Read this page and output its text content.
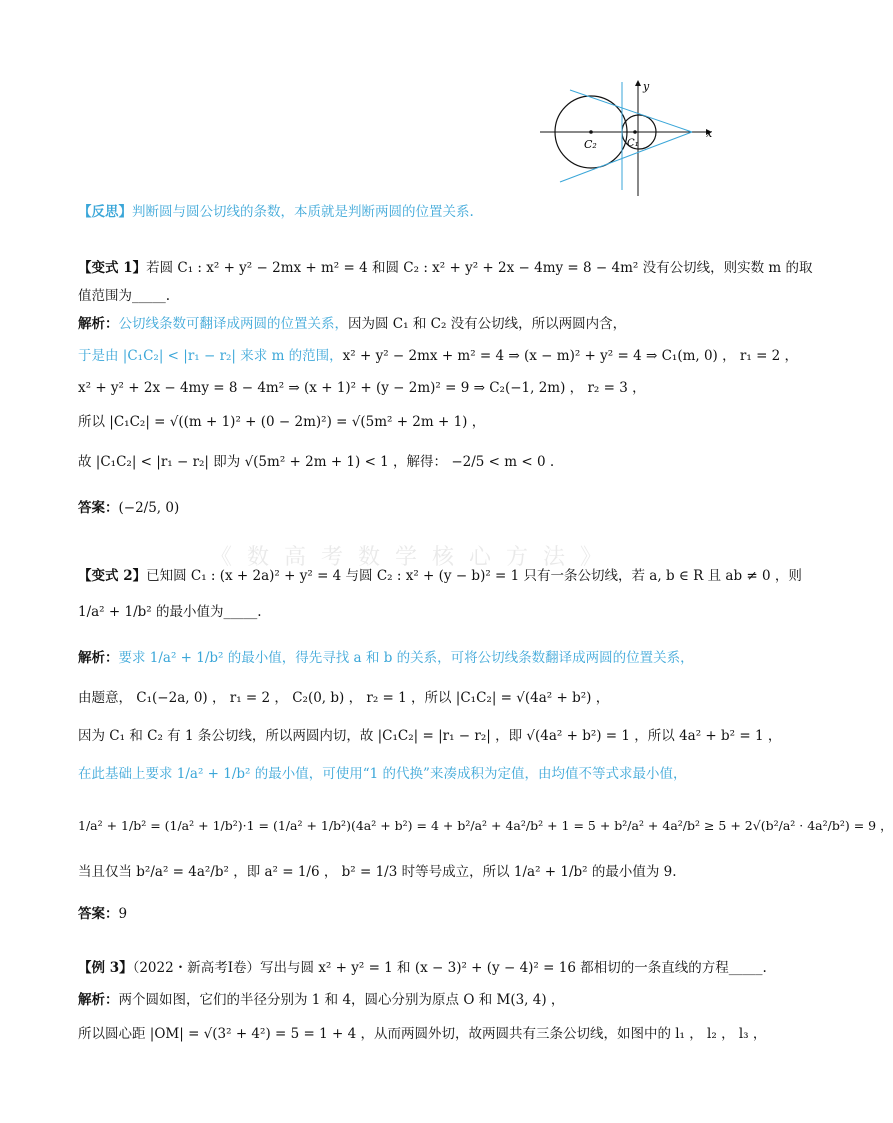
y
x
C₂	C₁
【反思】判断圆与圆公切线的条数，本质就是判断两圆的位置关系.
【变式 1】若圆 C₁ : x² + y² − 2mx + m² = 4 和圆 C₂ : x² + y² + 2x − 4my = 8 − 4m² 没有公切线，则实数 m 的取
值范围为_____.
解析：公切线条数可翻译成两圆的位置关系，因为圆 C₁ 和 C₂ 没有公切线，所以两圆内含，
于是由 |C₁C₂| < |r₁ − r₂| 来求 m 的范围，x² + y² − 2mx + m² = 4 ⇒ (x − m)² + y² = 4 ⇒ C₁(m, 0) ， r₁ = 2 ，
x² + y² + 2x − 4my = 8 − 4m² ⇒ (x + 1)² + (y − 2m)² = 9 ⇒ C₂(−1, 2m) ， r₂ = 3 ，
所以 |C₁C₂| = √((m + 1)² + (0 − 2m)²) = √(5m² + 2m + 1) ，
故 |C₁C₂| < |r₁ − r₂| 即为 √(5m² + 2m + 1) < 1 ，解得： −2/5 < m < 0 .
答案：(−2/5, 0)
《 数 高 考 数 学 核 心 方 法 》
【变式 2】已知圆 C₁ : (x + 2a)² + y² = 4 与圆 C₂ : x² + (y − b)² = 1 只有一条公切线，若 a, b ∈ R 且 ab ≠ 0 ，则
1/a² + 1/b² 的最小值为_____.
解析：要求 1/a² + 1/b² 的最小值，得先寻找 a 和 b 的关系，可将公切线条数翻译成两圆的位置关系，
由题意， C₁(−2a, 0) ， r₁ = 2 ， C₂(0, b) ， r₂ = 1 ，所以 |C₁C₂| = √(4a² + b²) ，
因为 C₁ 和 C₂ 有 1 条公切线，所以两圆内切，故 |C₁C₂| = |r₁ − r₂| ，即 √(4a² + b²) = 1 ，所以 4a² + b² = 1 ，
在此基础上要求 1/a² + 1/b² 的最小值，可使用“1 的代换”来凑成积为定值，由均值不等式求最小值，
1/a² + 1/b² = (1/a² + 1/b²)·1 = (1/a² + 1/b²)(4a² + b²) = 4 + b²/a² + 4a²/b² + 1 = 5 + b²/a² + 4a²/b² ≥ 5 + 2√(b²/a² · 4a²/b²) = 9 ，
当且仅当 b²/a² = 4a²/b² ，即 a² = 1/6 ， b² = 1/3 时等号成立，所以 1/a² + 1/b² 的最小值为 9.
答案：9
【例 3】（2022・新高考Ⅰ卷）写出与圆 x² + y² = 1 和 (x − 3)² + (y − 4)² = 16 都相切的一条直线的方程_____.
解析：两个圆如图，它们的半径分别为 1 和 4，圆心分别为原点 O 和 M(3, 4) ，
所以圆心距 |OM| = √(3² + 4²) = 5 = 1 + 4 ，从而两圆外切，故两圆共有三条公切线，如图中的 l₁ ， l₂ ， l₃ ，
